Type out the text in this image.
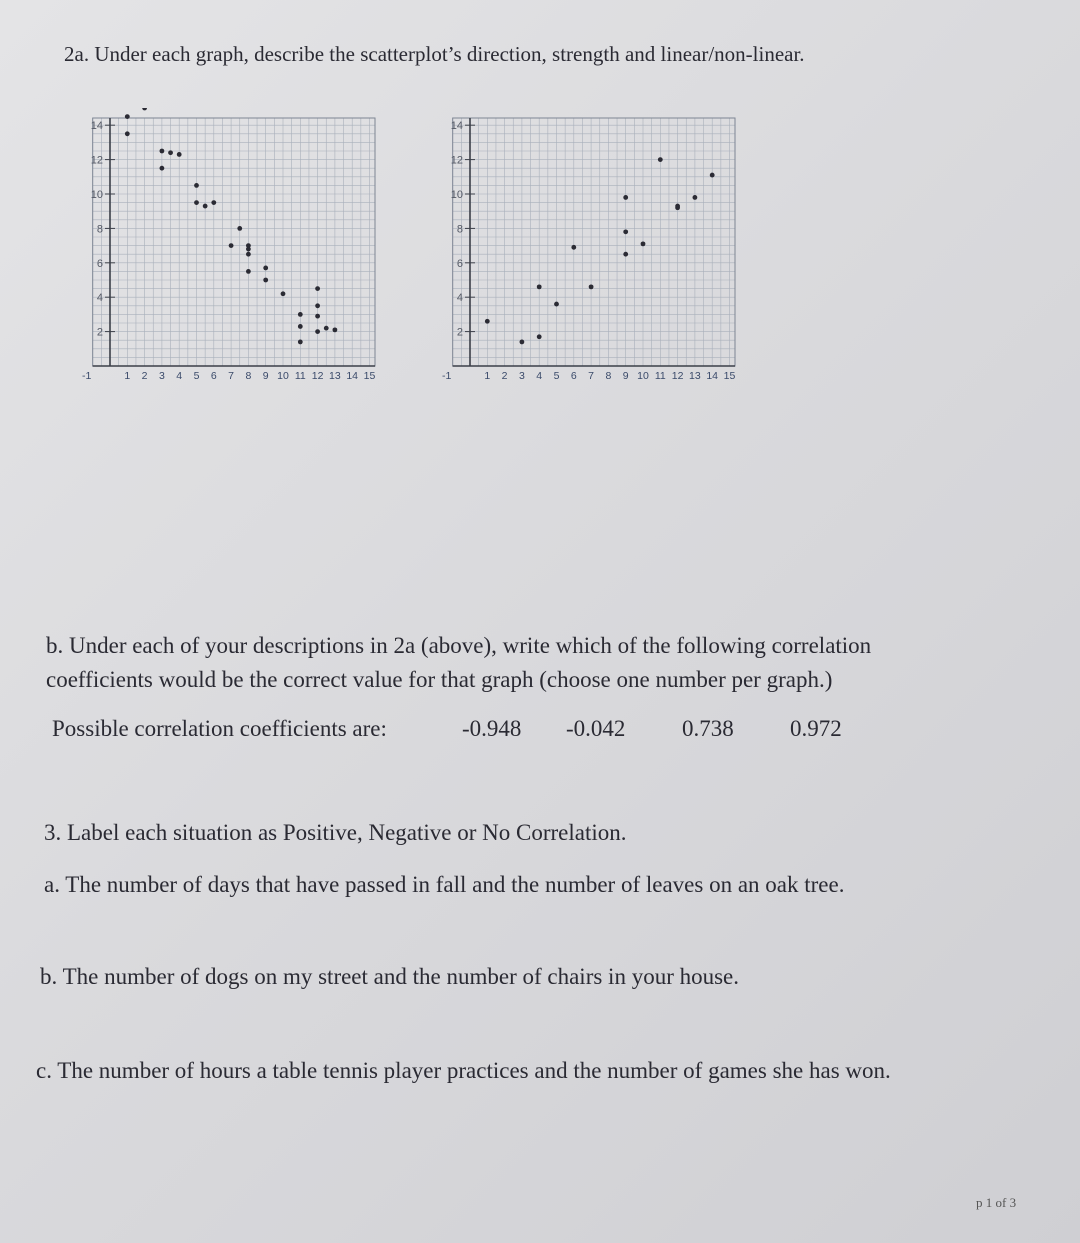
2a. Under each graph, describe the scatterplot’s direction, strength and linear/non-linear.
2
4
6
8
10
12
14
-1	1 2 3 4 5 6 7 8 9 10 11 12 13 14 15
2
4
6
8
10
12
14
-1	1 2 3 4 5 6 7 8 9 10 11 12 13 14 15
b. Under each of your descriptions in 2a (above), write which of the following correlation
coefficients would be the correct value for that graph (choose one number per graph.)
Possible correlation coefficients are:	-0.948 -0.042 0.738 0.972
3. Label each situation as Positive, Negative or No Correlation.
a. The number of days that have passed in fall and the number of leaves on an oak tree.
b. The number of dogs on my street and the number of chairs in your house.
c. The number of hours a table tennis player practices and the number of games she has won.
p 1 of 3
